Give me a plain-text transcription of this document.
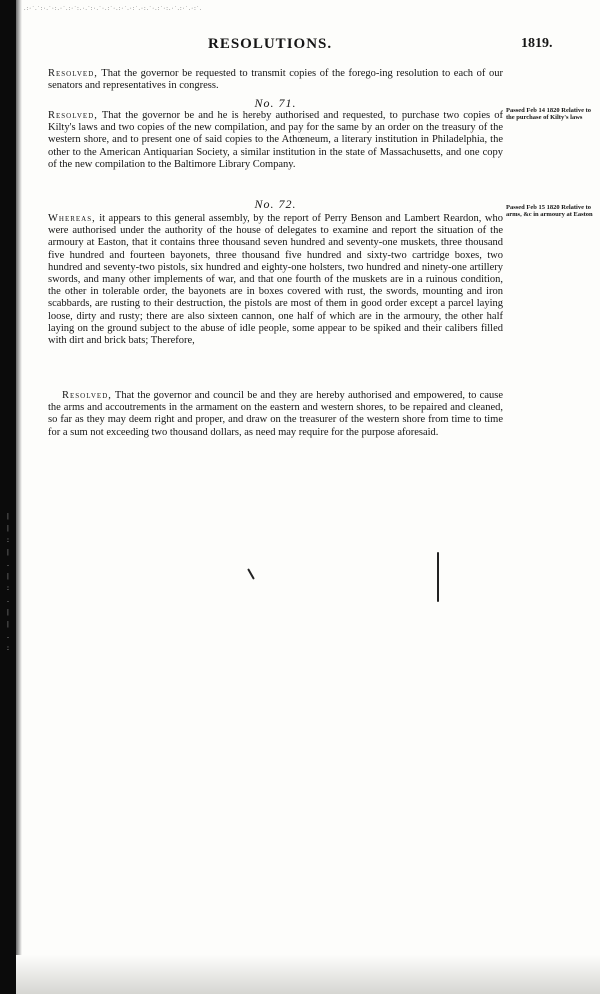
|
|
:
|
.
|
:
.
|
|
.
:
.:·˙.˙:·.˙·:.·˙.:·˙:.·.˙:·.˙·.:˙·.:·˙.·:˙.·:.˙·.:˙·:.·˙.:·˙.·:˙.
RESOLUTIONS.	1819.
Resolved, That the governor be requested to transmit copies of the forego-ing resolution to each of our senators and representatives in congress.
No. 71.
Resolved, That the governor be and he is hereby authorised and requested, to purchase two copies of Kilty's laws and two copies of the new compilation, and pay for the same by an order on the treasury of the western shore, and to present one of said copies to the Athœneum, a literary institution in Philadelphia, the other to the American Antiquarian Society, a similar institution in the state of Massachusetts, and one copy of the new compilation to the Baltimore Library Company.
Passed Feb 14 1820 Relative to the purchase of Kilty's laws
No. 72.
Whereas, it appears to this general assembly, by the report of Perry Benson and Lambert Reardon, who were authorised under the authority of the house of delegates to examine and report the situation of the armoury at Easton, that it contains three thousand seven hundred and seventy-one muskets, three thousand five hundred and fourteen bayonets, three thousand five hundred and sixty-two cartridge boxes, two hundred and seventy-two pistols, six hundred and eighty-one holsters, two hundred and ninety-one artillery swords, and many other implements of war, and that one fourth of the muskets are in a ruinous condition, the other in tolerable order, the bayonets are in boxes covered with rust, the swords, mounting and iron scabbards, are rusting to their destruction, the pistols are most of them in good order except a parcel laying loose, dirty and rusty; there are also sixteen cannon, one half of which are in the armoury, the other half laying on the ground subject to the abuse of idle people, some appear to be spiked and their calibers filled with dirt and brick bats; Therefore,
Passed Feb 15 1820 Relative to arms, &c in armoury at Easton
Resolved, That the governor and council be and they are hereby authorised and empowered, to cause the arms and accoutrements in the armament on the eastern and western shores, to be repaired and cleaned, so far as they may deem right and proper, and draw on the treasurer of the western shore from time to time for a sum not exceeding two thousand dollars, as need may require for the purpose aforesaid.
